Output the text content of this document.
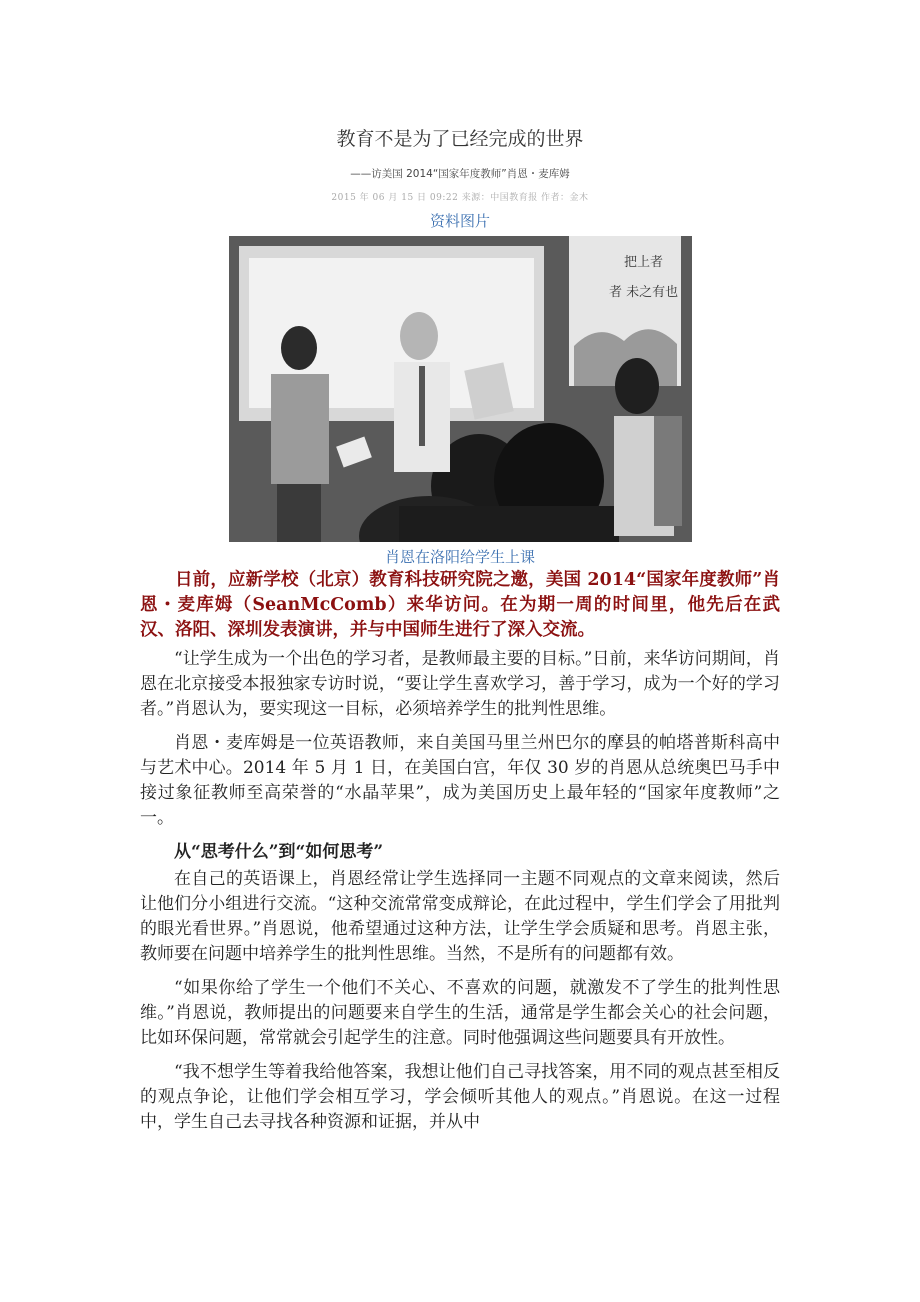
教育不是为了已经完成的世界
——访美国 2014“国家年度教师”肖恩・麦库姆
2015 年 06 月 15 日 09:22 来源：中国教育报 作者：金木
资料图片
把上者
者 未之有也
肖恩在洛阳给学生上课

日前，应新学校（北京）教育科技研究院之邀，美国 2014“国家年度教师”肖恩・麦库姆（SeanMcComb）来华访问。在为期一周的时间里，他先后在武汉、洛阳、深圳发表演讲，并与中国师生进行了深入交流。

“让学生成为一个出色的学习者，是教师最主要的目标。”日前，来华访问期间，肖恩在北京接受本报独家专访时说，“要让学生喜欢学习，善于学习，成为一个好的学习者。”肖恩认为，要实现这一目标，必须培养学生的批判性思维。

肖恩・麦库姆是一位英语教师，来自美国马里兰州巴尔的摩县的帕塔普斯科高中与艺术中心。2014 年 5 月 1 日，在美国白宫，年仅 30 岁的肖恩从总统奥巴马手中接过象征教师至高荣誉的“水晶苹果”，成为美国历史上最年轻的“国家年度教师”之一。

从“思考什么”到“如何思考”

在自己的英语课上，肖恩经常让学生选择同一主题不同观点的文章来阅读，然后让他们分小组进行交流。“这种交流常常变成辩论，在此过程中，学生们学会了用批判的眼光看世界。”肖恩说，他希望通过这种方法，让学生学会质疑和思考。肖恩主张，教师要在问题中培养学生的批判性思维。当然，不是所有的问题都有效。

“如果你给了学生一个他们不关心、不喜欢的问题，就激发不了学生的批判性思维。”肖恩说，教师提出的问题要来自学生的生活，通常是学生都会关心的社会问题，比如环保问题，常常就会引起学生的注意。同时他强调这些问题要具有开放性。

“我不想学生等着我给他答案，我想让他们自己寻找答案，用不同的观点甚至相反的观点争论，让他们学会相互学习，学会倾听其他人的观点。”肖恩说。在这一过程中，学生自己去寻找各种资源和证据，并从中
